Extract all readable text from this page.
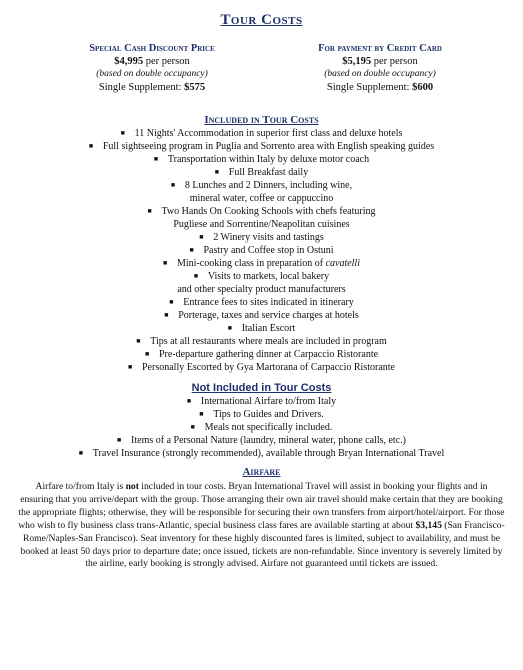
Tour Costs
Special Cash Discount Price
$4,995 per person
(based on double occupancy)
Single Supplement: $575
For payment by Credit Card
$5,195 per person
(based on double occupancy)
Single Supplement: $600
Included in Tour Costs
■ 11 Nights' Accommodation in superior first class and deluxe hotels
■ Full sightseeing program in Puglia and Sorrento area with English speaking guides
■ Transportation within Italy by deluxe motor coach
■ Full Breakfast daily
■ 8 Lunches and 2 Dinners, including wine,
mineral water, coffee or cappuccino
■ Two Hands On Cooking Schools with chefs featuring
Pugliese and Sorrentine/Neapolitan cuisines
■ 2 Winery visits and tastings
■ Pastry and Coffee stop in Ostuni
■ Mini-cooking class in preparation of cavatelli
■ Visits to markets, local bakery
and other specialty product manufacturers
■ Entrance fees to sites indicated in itinerary
■ Porterage, taxes and service charges at hotels
■ Italian Escort
■ Tips at all restaurants where meals are included in program
■ Pre-departure gathering dinner at Carpaccio Ristorante
■ Personally Escorted by Gya Martorana of Carpaccio Ristorante
Not Included in Tour Costs
■ International Airfare to/from Italy
■ Tips to Guides and Drivers.
■ Meals not specifically included.
■ Items of a Personal Nature (laundry, mineral water, phone calls, etc.)
■ Travel Insurance (strongly recommended), available through Bryan International Travel
Airfare
Airfare to/from Italy is not included in tour costs. Bryan International Travel will assist in booking your flights and in ensuring that you arrive/depart with the group. Those arranging their own air travel should make certain that they are booking the appropriate flights; otherwise, they will be responsible for securing their own transfers from airport/hotel/airport. For those who wish to fly business class trans-Atlantic, special business class fares are available starting at about $3,145 (San Francisco-Rome/Naples-San Francisco). Seat inventory for these highly discounted fares is limited, subject to availability, and must be booked at least 50 days prior to departure date; once issued, tickets are non-refundable. Since inventory is severely limited by the airline, early booking is strongly advised. Airfare not guaranteed until tickets are issued.
